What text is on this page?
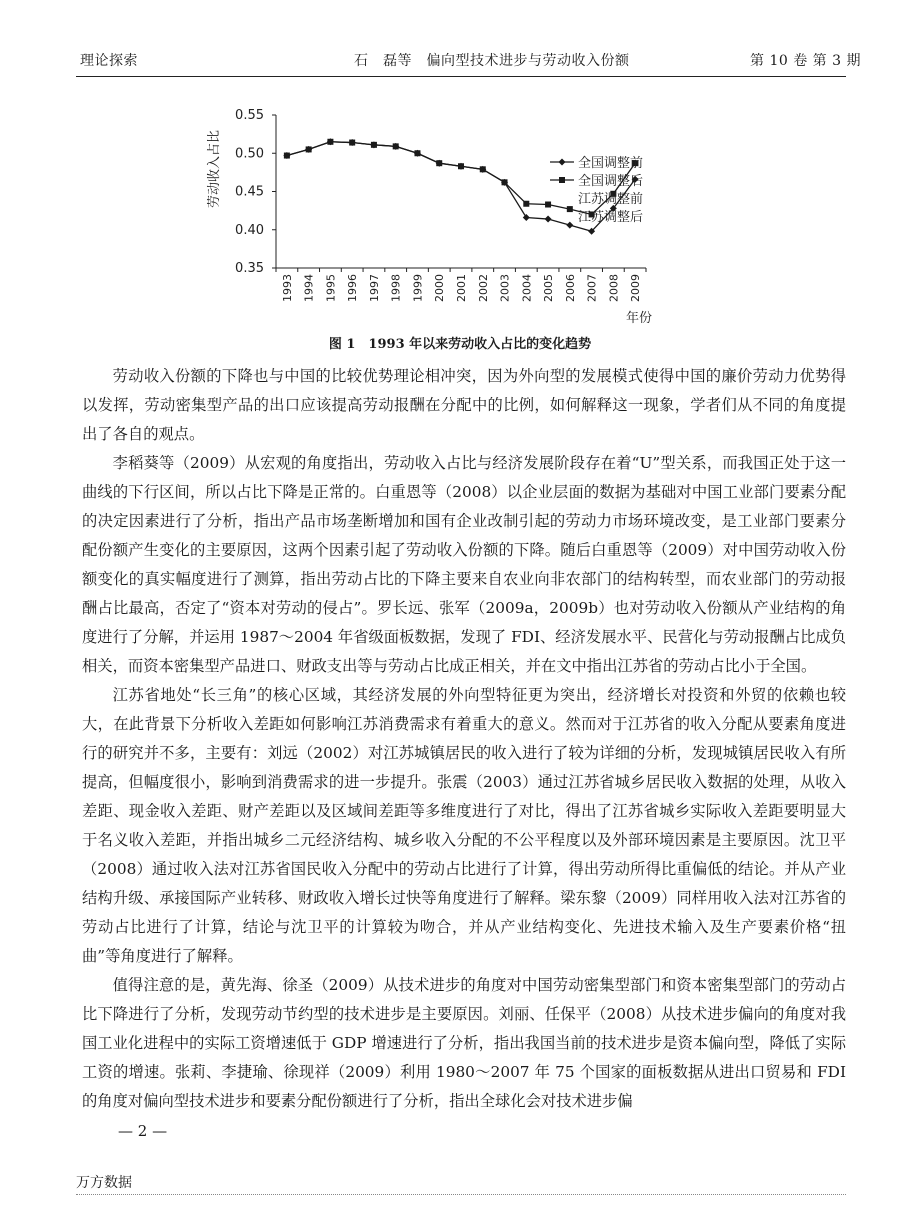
理论探索	石　磊等　偏向型技术进步与劳动收入份额	第 10 卷 第 3 期
0.55
0.50
0.45
0.40
0.35
1993 1994 1995 1996 1997 1998 1999 2000 2001 2002 2003 2004 2005 2006 2007 2008 2009
全国调整前
全国调整后
江苏调整前
江苏调整后
劳动收入占比
年份
图 1　1993 年以来劳动收入占比的变化趋势

劳动收入份额的下降也与中国的比较优势理论相冲突，因为外向型的发展模式使得中国的廉价劳动力优势得以发挥，劳动密集型产品的出口应该提高劳动报酬在分配中的比例，如何解释这一现象，学者们从不同的角度提出了各自的观点。

李稻葵等（2009）从宏观的角度指出，劳动收入占比与经济发展阶段存在着“U”型关系，而我国正处于这一曲线的下行区间，所以占比下降是正常的。白重恩等（2008）以企业层面的数据为基础对中国工业部门要素分配的决定因素进行了分析，指出产品市场垄断增加和国有企业改制引起的劳动力市场环境改变，是工业部门要素分配份额产生变化的主要原因，这两个因素引起了劳动收入份额的下降。随后白重恩等（2009）对中国劳动收入份额变化的真实幅度进行了测算，指出劳动占比的下降主要来自农业向非农部门的结构转型，而农业部门的劳动报酬占比最高，否定了“资本对劳动的侵占”。罗长远、张军（2009a，2009b）也对劳动收入份额从产业结构的角度进行了分解，并运用 1987～2004 年省级面板数据，发现了 FDI、经济发展水平、民营化与劳动报酬占比成负相关，而资本密集型产品进口、财政支出等与劳动占比成正相关，并在文中指出江苏省的劳动占比小于全国。

江苏省地处“长三角”的核心区域，其经济发展的外向型特征更为突出，经济增长对投资和外贸的依赖也较大，在此背景下分析收入差距如何影响江苏消费需求有着重大的意义。然而对于江苏省的收入分配从要素角度进行的研究并不多，主要有：刘远（2002）对江苏城镇居民的收入进行了较为详细的分析，发现城镇居民收入有所提高，但幅度很小，影响到消费需求的进一步提升。张震（2003）通过江苏省城乡居民收入数据的处理，从收入差距、现金收入差距、财产差距以及区域间差距等多维度进行了对比，得出了江苏省城乡实际收入差距要明显大于名义收入差距，并指出城乡二元经济结构、城乡收入分配的不公平程度以及外部环境因素是主要原因。沈卫平（2008）通过收入法对江苏省国民收入分配中的劳动占比进行了计算，得出劳动所得比重偏低的结论。并从产业结构升级、承接国际产业转移、财政收入增长过快等角度进行了解释。梁东黎（2009）同样用收入法对江苏省的劳动占比进行了计算，结论与沈卫平的计算较为吻合，并从产业结构变化、先进技术输入及生产要素价格“扭曲”等角度进行了解释。

值得注意的是，黄先海、徐圣（2009）从技术进步的角度对中国劳动密集型部门和资本密集型部门的劳动占比下降进行了分析，发现劳动节约型的技术进步是主要原因。刘丽、任保平（2008）从技术进步偏向的角度对我国工业化进程中的实际工资增速低于 GDP 增速进行了分析，指出我国当前的技术进步是资本偏向型，降低了实际工资的增速。张莉、李捷瑜、徐现祥（2009）利用 1980～2007 年 75 个国家的面板数据从进出口贸易和 FDI 的角度对偏向型技术进步和要素分配份额进行了分析，指出全球化会对技术进步偏

— 2 —
万方数据
